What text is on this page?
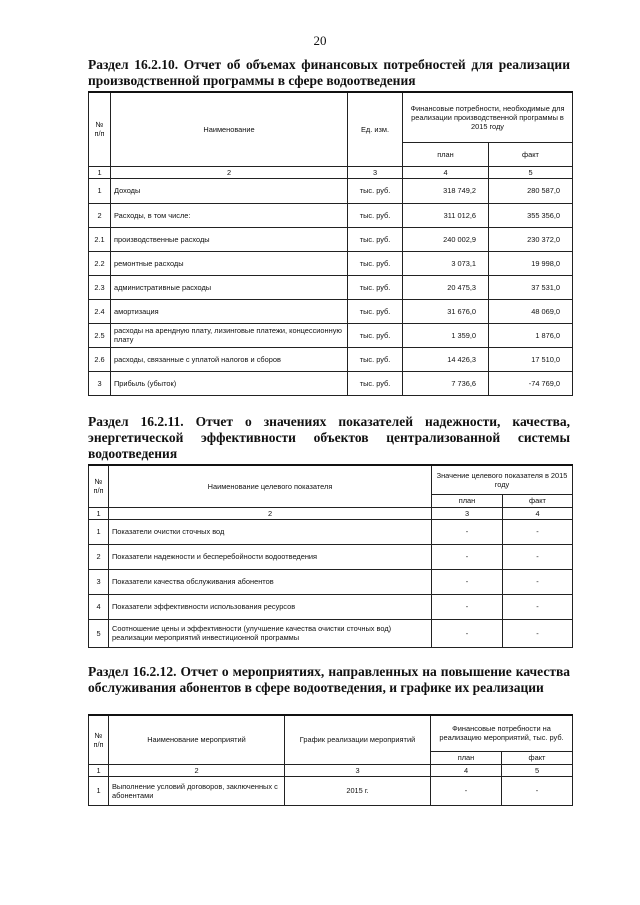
20
Раздел 16.2.10. Отчет об объемах финансовых потребностей для реализации производственной программы в сфере водоотведения
№ п/п	Наименование	Ед. изм.	Финансовые потребности, необходимые для реализации производственной программы в 2015 году	
			план	факт
1	2	3	4	5
1	Доходы	тыс. руб.	318 749,2	280 587,0
2	Расходы, в том числе:	тыс. руб.	311 012,6	355 356,0
2.1	производственные расходы	тыс. руб.	240 002,9	230 372,0
2.2	ремонтные расходы	тыс. руб.	3 073,1	19 998,0
2.3	административные расходы	тыс. руб.	20 475,3	37 531,0
2.4	амортизация	тыс. руб.	31 676,0	48 069,0
2.5	расходы на арендную плату, лизинговые платежи, концессионную плату	тыс. руб.	1 359,0	1 876,0
2.6	расходы, связанные с уплатой налогов и сборов	тыс. руб.	14 426,3	17 510,0
3	Прибыль (убыток)	тыс. руб.	7 736,6	-74 769,0
Раздел 16.2.11. Отчет о значениях показателей надежности, качества, энергетической эффективности объектов централизованной системы водоотведения
№ п/п	Наименование целевого показателя	Значение целевого показателя в 2015 году	
		план	факт
1	2	3	4
1	Показатели очистки сточных вод	-	-
2	Показатели надежности и бесперебойности водоотведения	-	-
3	Показатели качества обслуживания абонентов	-	-
4	Показатели эффективности использования ресурсов	-	-
5	Соотношение цены и эффективности (улучшение качества очистки сточных вод) реализации мероприятий инвестиционной программы	-	-
Раздел 16.2.12. Отчет о мероприятиях, направленных на повышение качества обслуживания абонентов в сфере водоотведения, и графике их реализации
№ п/п	Наименование мероприятий	График реализации мероприятий	Финансовые потребности на реализацию мероприятий, тыс. руб.	
			план	факт
1	2	3	4	5
1	Выполнение условий договоров, заключенных с абонентами	2015 г.	-	-
